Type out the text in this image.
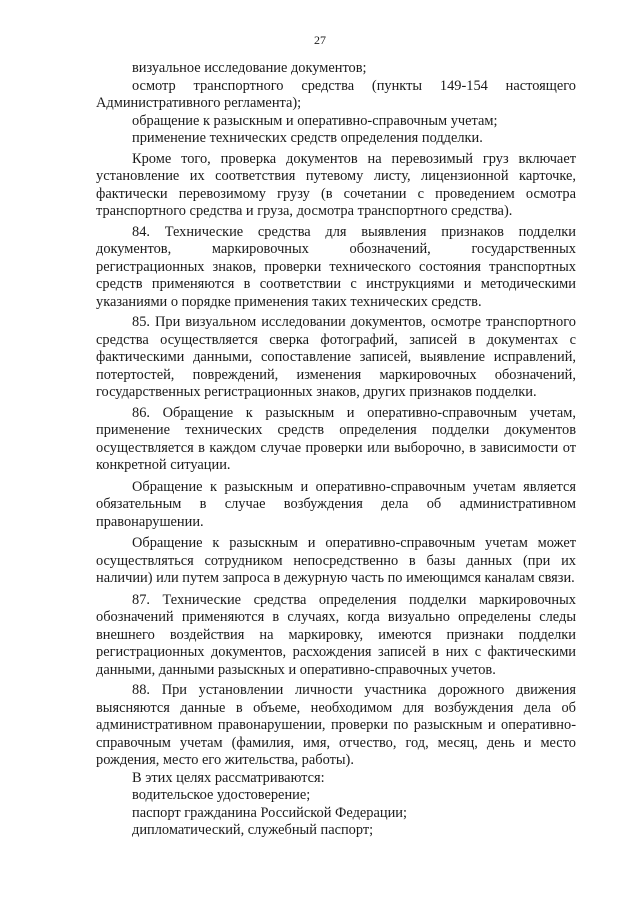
27

визуальное исследование документов;

осмотр транспортного средства (пункты 149-154 настоящего Административного регламента);

обращение к разыскным и оперативно-справочным учетам;

применение технических средств определения подделки.

Кроме того, проверка документов на перевозимый груз включает установление их соответствия путевому листу, лицензионной карточке, фактически перевозимому грузу (в сочетании с проведением осмотра транспортного средства и груза, досмотра транспортного средства).

84. Технические средства для выявления признаков подделки документов, маркировочных обозначений, государственных регистрационных знаков, проверки технического состояния транспортных средств применяются в соответствии с инструкциями и методическими указаниями о порядке применения таких технических средств.

85. При визуальном исследовании документов, осмотре транспортного средства осуществляется сверка фотографий, записей в документах с фактическими данными, сопоставление записей, выявление исправлений, потертостей, повреждений, изменения маркировочных обозначений, государственных регистрационных знаков, других признаков подделки.

86. Обращение к разыскным и оперативно-справочным учетам, применение технических средств определения подделки документов осуществляется в каждом случае проверки или выборочно, в зависимости от конкретной ситуации.

Обращение к разыскным и оперативно-справочным учетам является обязательным в случае возбуждения дела об административном правонарушении.

Обращение к разыскным и оперативно-справочным учетам может осуществляться сотрудником непосредственно в базы данных (при их наличии) или путем запроса в дежурную часть по имеющимся каналам связи.

87. Технические средства определения подделки маркировочных обозначений применяются в случаях, когда визуально определены следы внешнего воздействия на маркировку, имеются признаки подделки регистрационных документов, расхождения записей в них с фактическими данными, данными разыскных и оперативно-справочных учетов.

88. При установлении личности участника дорожного движения выясняются данные в объеме, необходимом для возбуждения дела об административном правонарушении, проверки по разыскным и оперативно-справочным учетам (фамилия, имя, отчество, год, месяц, день и место рождения, место его жительства, работы).

В этих целях рассматриваются:

водительское удостоверение;

паспорт гражданина Российской Федерации;

дипломатический, служебный паспорт;
